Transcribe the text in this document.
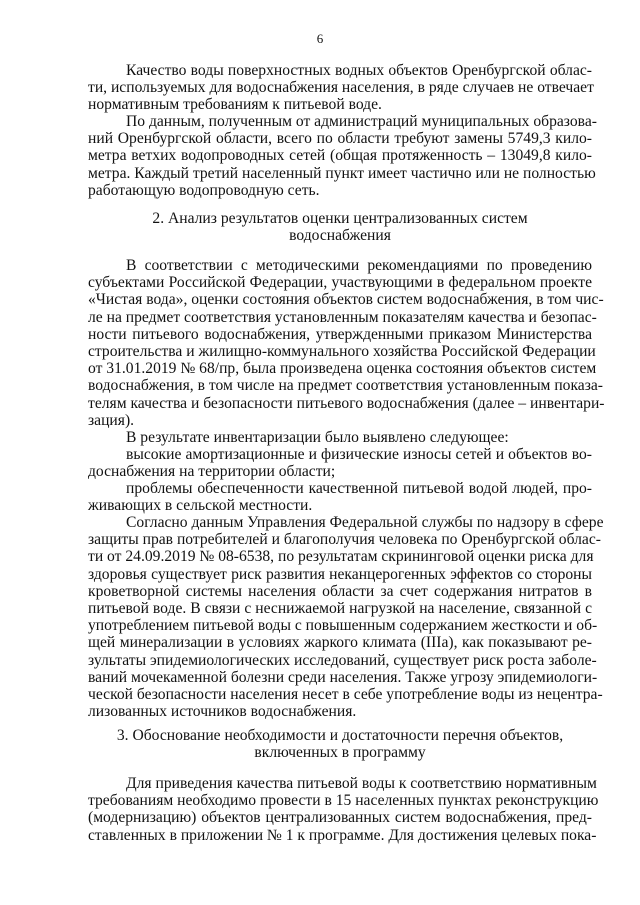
6
Качество воды поверхностных водных объектов Оренбургской облас-
ти, используемых для водоснабжения населения, в ряде случаев не отвечает
нормативным требованиям к питьевой воде.
По данным, полученным от администраций муниципальных образова-
ний Оренбургской области, всего по области требуют замены 5749,3 кило-
метра ветхих водопроводных сетей (общая протяженность – 13049,8 кило-
метра. Каждый третий населенный пункт имеет частично или не полностью
работающую водопроводную сеть.
2. Анализ результатов оценки централизованных систем
водоснабжения
В соответствии с методическими рекомендациями по проведению
субъектами Российской Федерации, участвующими в федеральном проекте
«Чистая вода», оценки состояния объектов систем водоснабжения, в том чис-
ле на предмет соответствия установленным показателям качества и безопас-
ности питьевого водоснабжения, утвержденными приказом Министерства
строительства и жилищно-коммунального хозяйства Российской Федерации
от 31.01.2019 № 68/пр, была произведена оценка состояния объектов систем
водоснабжения, в том числе на предмет соответствия установленным показа-
телям качества и безопасности питьевого водоснабжения (далее – инвентари-
зация).
В результате инвентаризации было выявлено следующее:
высокие амортизационные и физические износы сетей и объектов во-
доснабжения на территории области;
проблемы обеспеченности качественной питьевой водой людей, про-
живающих в сельской местности.
Согласно данным Управления Федеральной службы по надзору в сфере
защиты прав потребителей и благополучия человека по Оренбургской облас-
ти от 24.09.2019 № 08-6538, по результатам скрининговой оценки риска для
здоровья существует риск развития неканцерогенных эффектов со стороны
кроветворной системы населения области за счет содержания нитратов в
питьевой воде. В связи с неснижаемой нагрузкой на население, связанной с
употреблением питьевой воды с повышенным содержанием жесткости и об-
щей минерализации в условиях жаркого климата (IIIа), как показывают ре-
зультаты эпидемиологических исследований, существует риск роста заболе-
ваний мочекаменной болезни среди населения. Также угрозу эпидемиологи-
ческой безопасности населения несет в себе употребление воды из нецентра-
лизованных источников водоснабжения.
3. Обоснование необходимости и достаточности перечня объектов,
включенных в программу
Для приведения качества питьевой воды к соответствию нормативным
требованиям необходимо провести в 15 населенных пунктах реконструкцию
(модернизацию) объектов централизованных систем водоснабжения, пред-
ставленных в приложении № 1 к программе. Для достижения целевых пока-
